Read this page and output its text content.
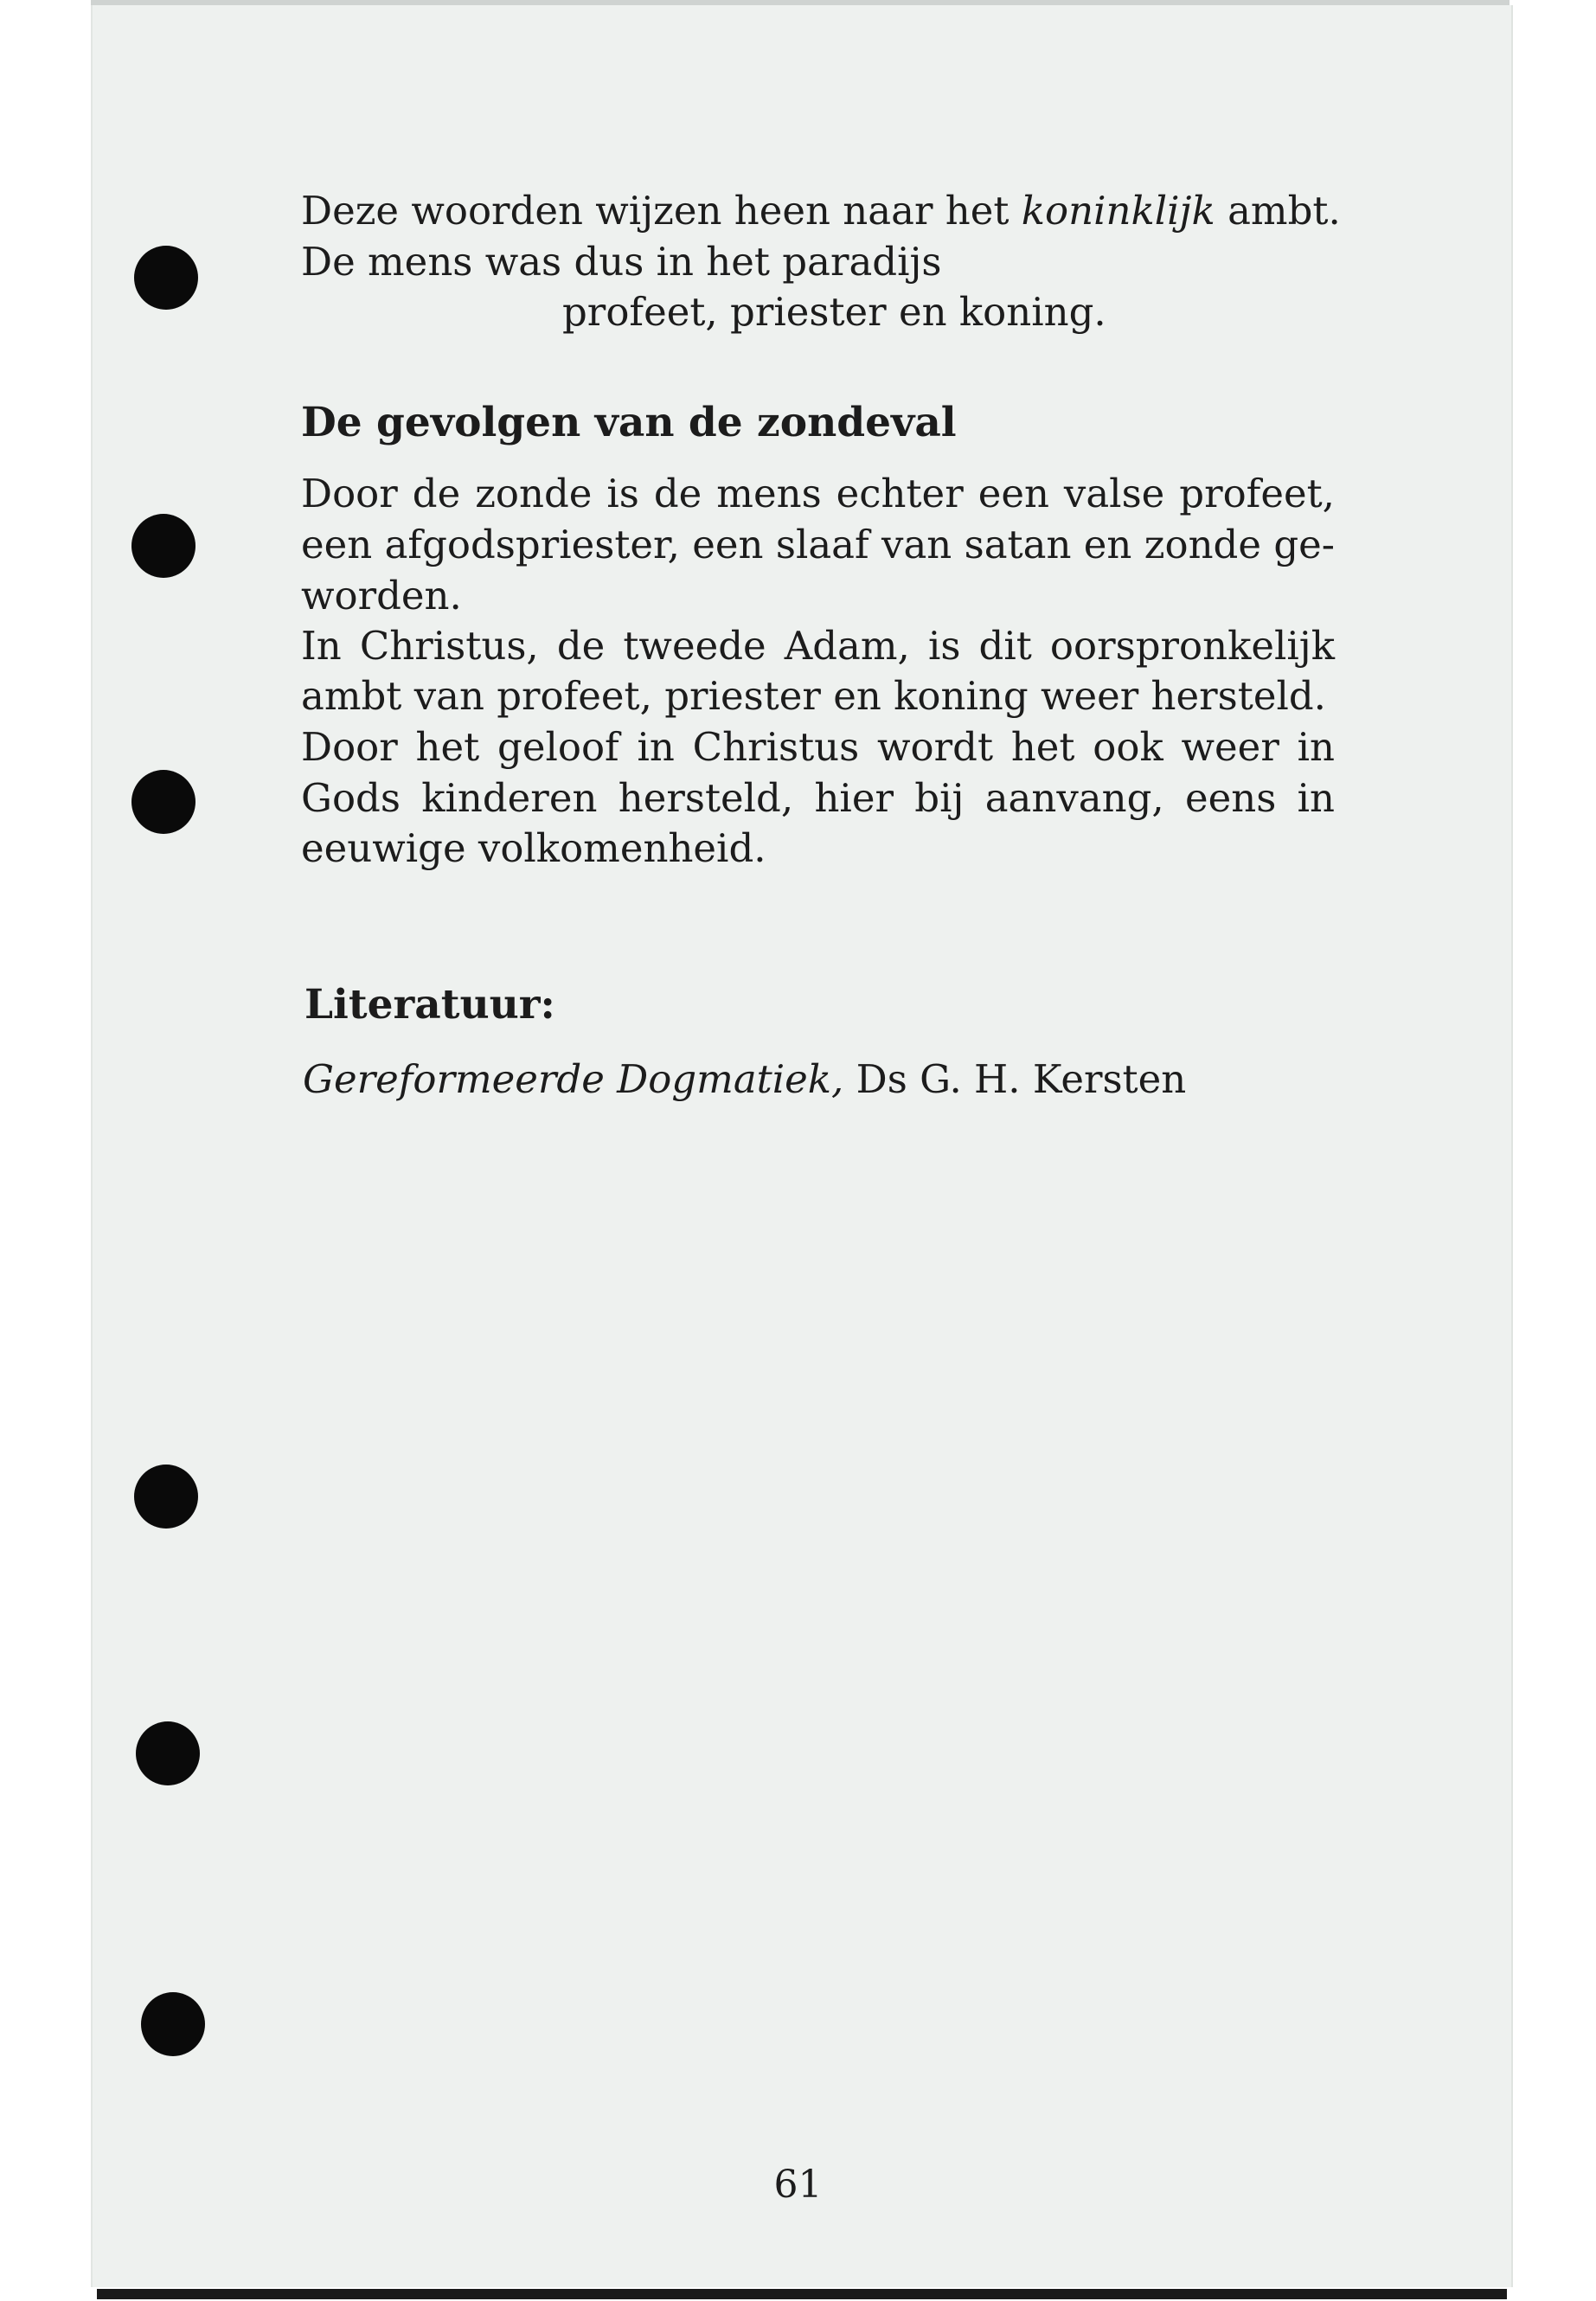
Deze woorden wijzen heen naar het koninklijk ambt.
De mens was dus in het paradijs
profeet, priester en koning.
De gevolgen van de zondeval
Door de zonde is de mens echter een valse profeet,
een afgodspriester, een slaaf van satan en zonde ge-
worden.
In Christus, de tweede Adam, is dit oorspronkelijk
ambt van profeet, priester en koning weer hersteld.
Door het geloof in Christus wordt het ook weer in
Gods kinderen hersteld, hier bij aanvang, eens in
eeuwige volkomenheid.
Literatuur:
Gereformeerde Dogmatiek, Ds G. H. Kersten
61
